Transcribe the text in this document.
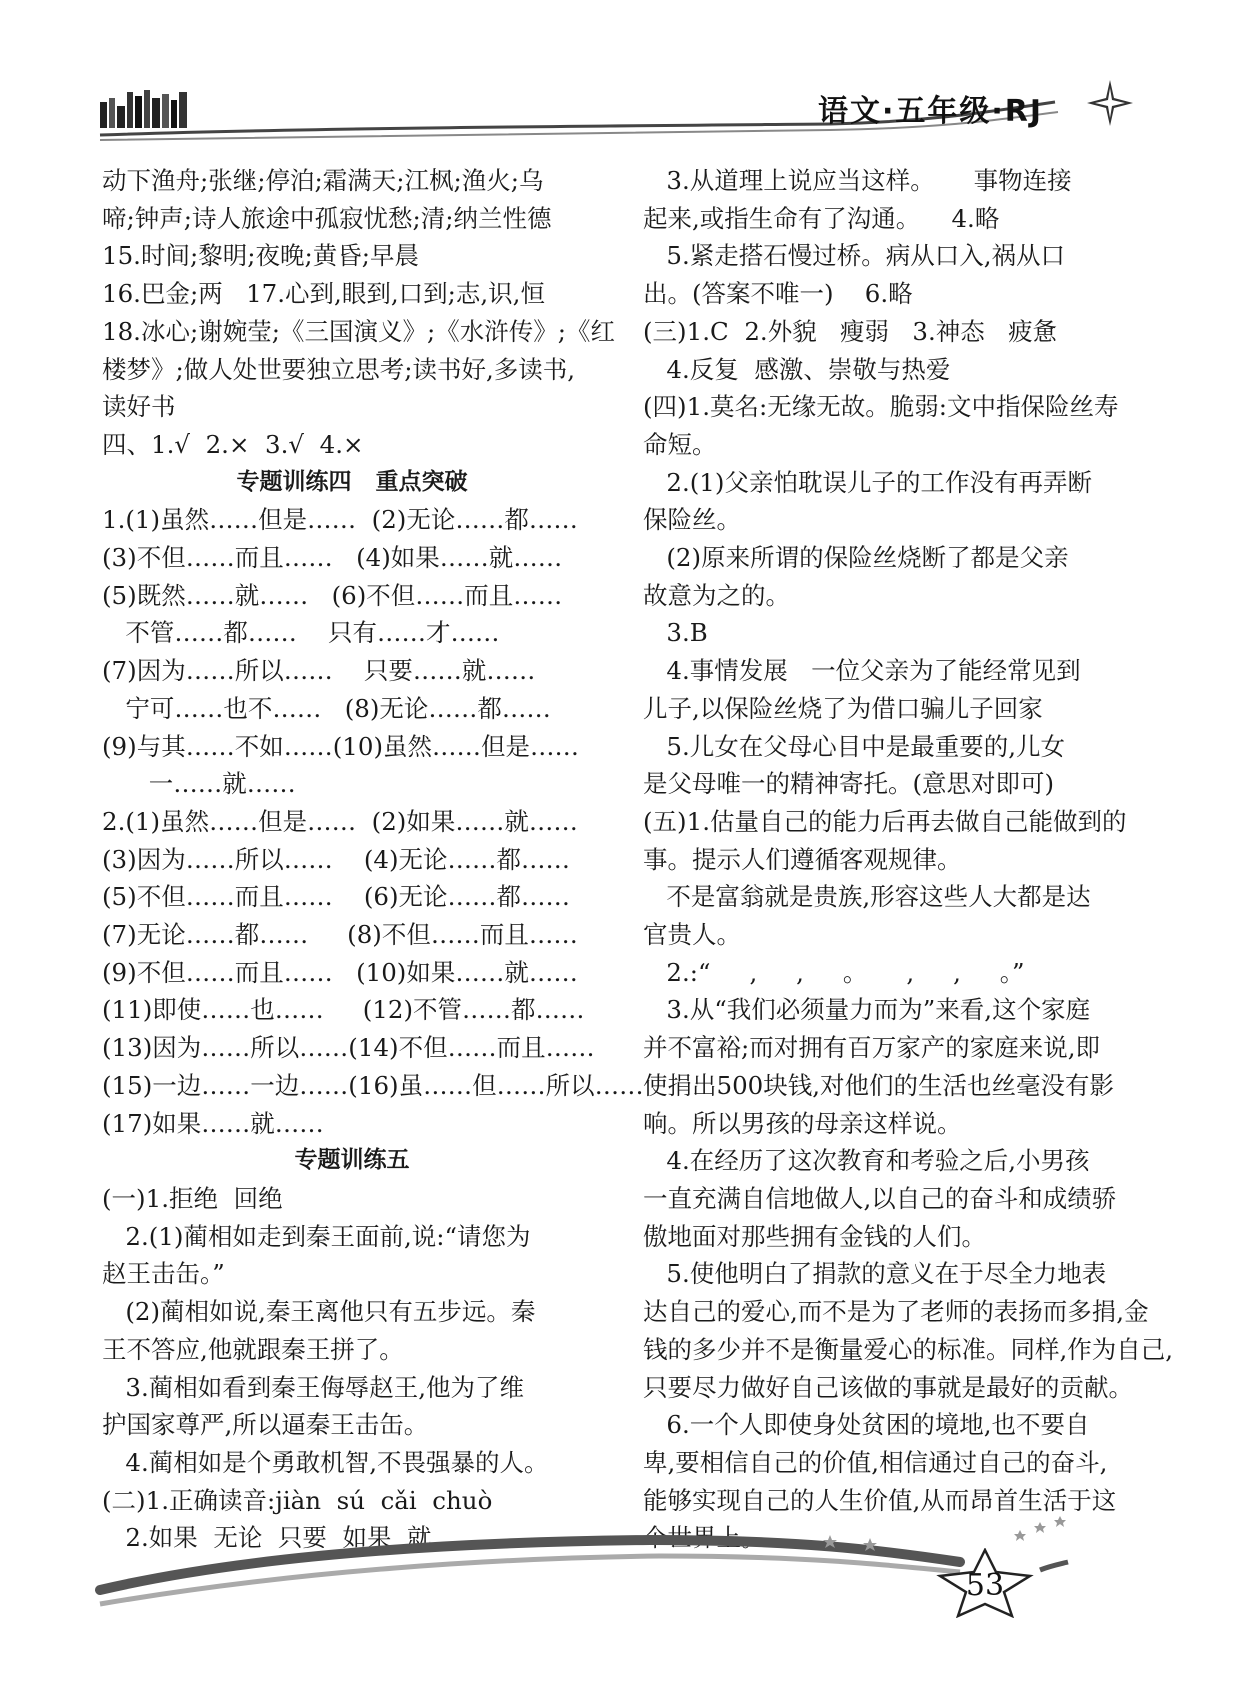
语文·五年级·RJ

动下渔舟;张继;停泊;霜满天;江枫;渔火;乌

啼;钟声;诗人旅途中孤寂忧愁;清;纳兰性德

15.时间;黎明;夜晚;黄昏;早晨

16.巴金;两   17.心到,眼到,口到;志,识,恒

18.冰心;谢婉莹;《三国演义》;《水浒传》;《红

楼梦》;做人处世要独立思考;读书好,多读书,

读好书

四、1.√  2.×  3.√  4.×

专题训练四   重点突破

1.(1)虽然……但是……  (2)无论……都……

(3)不但……而且……   (4)如果……就……

(5)既然……就……   (6)不但……而且……

不管……都……    只有……才……

(7)因为……所以……    只要……就……

宁可……也不……   (8)无论……都……

(9)与其……不如……(10)虽然……但是……

一……就……

2.(1)虽然……但是……  (2)如果……就……

(3)因为……所以……    (4)无论……都……

(5)不但……而且……    (6)无论……都……

(7)无论……都……     (8)不但……而且……

(9)不但……而且……   (10)如果……就……

(11)即使……也……     (12)不管……都……

(13)因为……所以……(14)不但……而且……

(15)一边……一边……(16)虽……但……所以……

(17)如果……就……

专题训练五

(一)1.拒绝  回绝

2.(1)蔺相如走到秦王面前,说:“请您为

赵王击缶。”

(2)蔺相如说,秦王离他只有五步远。秦

王不答应,他就跟秦王拼了。

3.蔺相如看到秦王侮辱赵王,他为了维

护国家尊严,所以逼秦王击缶。

4.蔺相如是个勇敢机智,不畏强暴的人。

(二)1.正确读音:jiàn  sú  cǎi  chuò

2.如果  无论  只要  如果  就

3.从道理上说应当这样。     事物连接

起来,或指生命有了沟通。    4.略

5.紧走搭石慢过桥。病从口入,祸从口

出。(答案不唯一)    6.略

(三)1.C  2.外貌   瘦弱   3.神态   疲惫

4.反复  感激、崇敬与热爱

(四)1.莫名:无缘无故。脆弱:文中指保险丝寿

命短。

2.(1)父亲怕耽误儿子的工作没有再弄断

保险丝。

(2)原来所谓的保险丝烧断了都是父亲

故意为之的。

3.B

4.事情发展   一位父亲为了能经常见到

儿子,以保险丝烧了为借口骗儿子回家

5.儿女在父母心目中是最重要的,儿女

是父母唯一的精神寄托。(意思对即可)

(五)1.估量自己的能力后再去做自己能做到的

事。提示人们遵循客观规律。

不是富翁就是贵族,形容这些人大都是达

官贵人。

2.:“     ,     ,     。     ,     ,     。”

3.从“我们必须量力而为”来看,这个家庭

并不富裕;而对拥有百万家产的家庭来说,即

使捐出500块钱,对他们的生活也丝毫没有影

响。所以男孩的母亲这样说。

4.在经历了这次教育和考验之后,小男孩

一直充满自信地做人,以自己的奋斗和成绩骄

傲地面对那些拥有金钱的人们。

5.使他明白了捐款的意义在于尽全力地表

达自己的爱心,而不是为了老师的表扬而多捐,金

钱的多少并不是衡量爱心的标准。同样,作为自己,

只要尽力做好自己该做的事就是最好的贡献。

6.一个人即使身处贫困的境地,也不要自

卑,要相信自己的价值,相信通过自己的奋斗,

能够实现自己的人生价值,从而昂首生活于这

个世界上。

53
